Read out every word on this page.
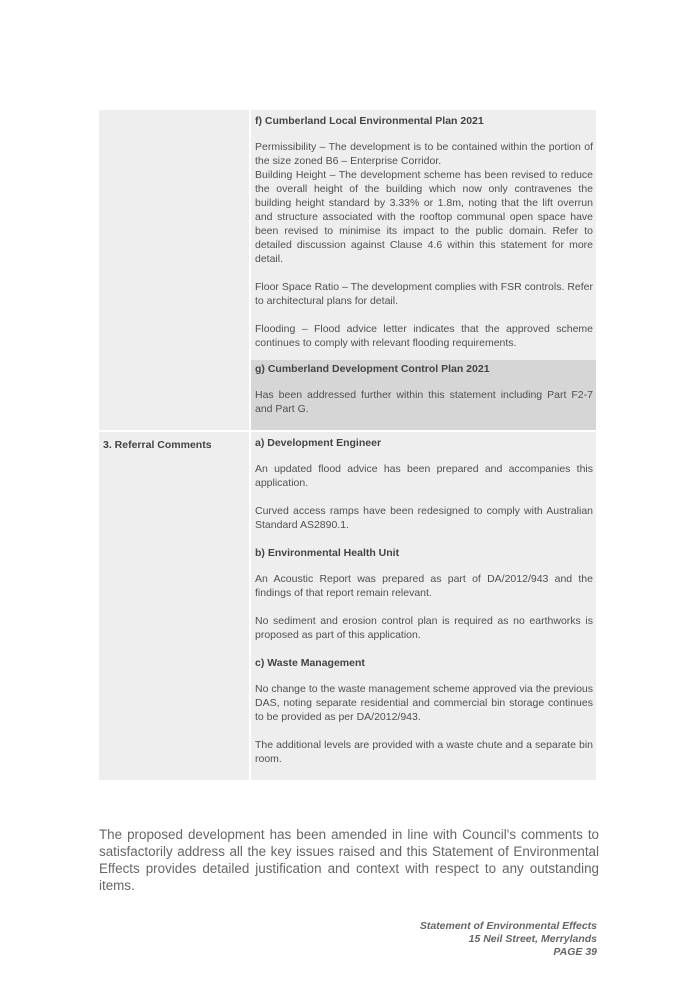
f) Cumberland Local Environmental Plan 2021
Permissibility – The development is to be contained within the portion of the size zoned B6 – Enterprise Corridor.
Building Height – The development scheme has been revised to reduce the overall height of the building which now only contravenes the building height standard by 3.33% or 1.8m, noting that the lift overrun and structure associated with the rooftop communal open space have been revised to minimise its impact to the public domain. Refer to detailed discussion against Clause 4.6 within this statement for more detail.
Floor Space Ratio – The development complies with FSR controls. Refer to architectural plans for detail.
Flooding – Flood advice letter indicates that the approved scheme continues to comply with relevant flooding requirements.
g) Cumberland Development Control Plan 2021
Has been addressed further within this statement including Part F2-7 and Part G.
3. Referral Comments	a) Development Engineer
An updated flood advice has been prepared and accompanies this application.
Curved access ramps have been redesigned to comply with Australian Standard AS2890.1.
b) Environmental Health Unit
An Acoustic Report was prepared as part of DA/2012/943 and the findings of that report remain relevant.
No sediment and erosion control plan is required as no earthworks is proposed as part of this application.
c) Waste Management
No change to the waste management scheme approved via the previous DAS, noting separate residential and commercial bin storage continues to be provided as per DA/2012/943.
The additional levels are provided with a waste chute and a separate bin room.
The proposed development has been amended in line with Council's comments to satisfactorily address all the key issues raised and this Statement of Environmental Effects provides detailed justification and context with respect to any outstanding items.
Statement of Environmental Effects
15 Neil Street, Merrylands
PAGE 39
